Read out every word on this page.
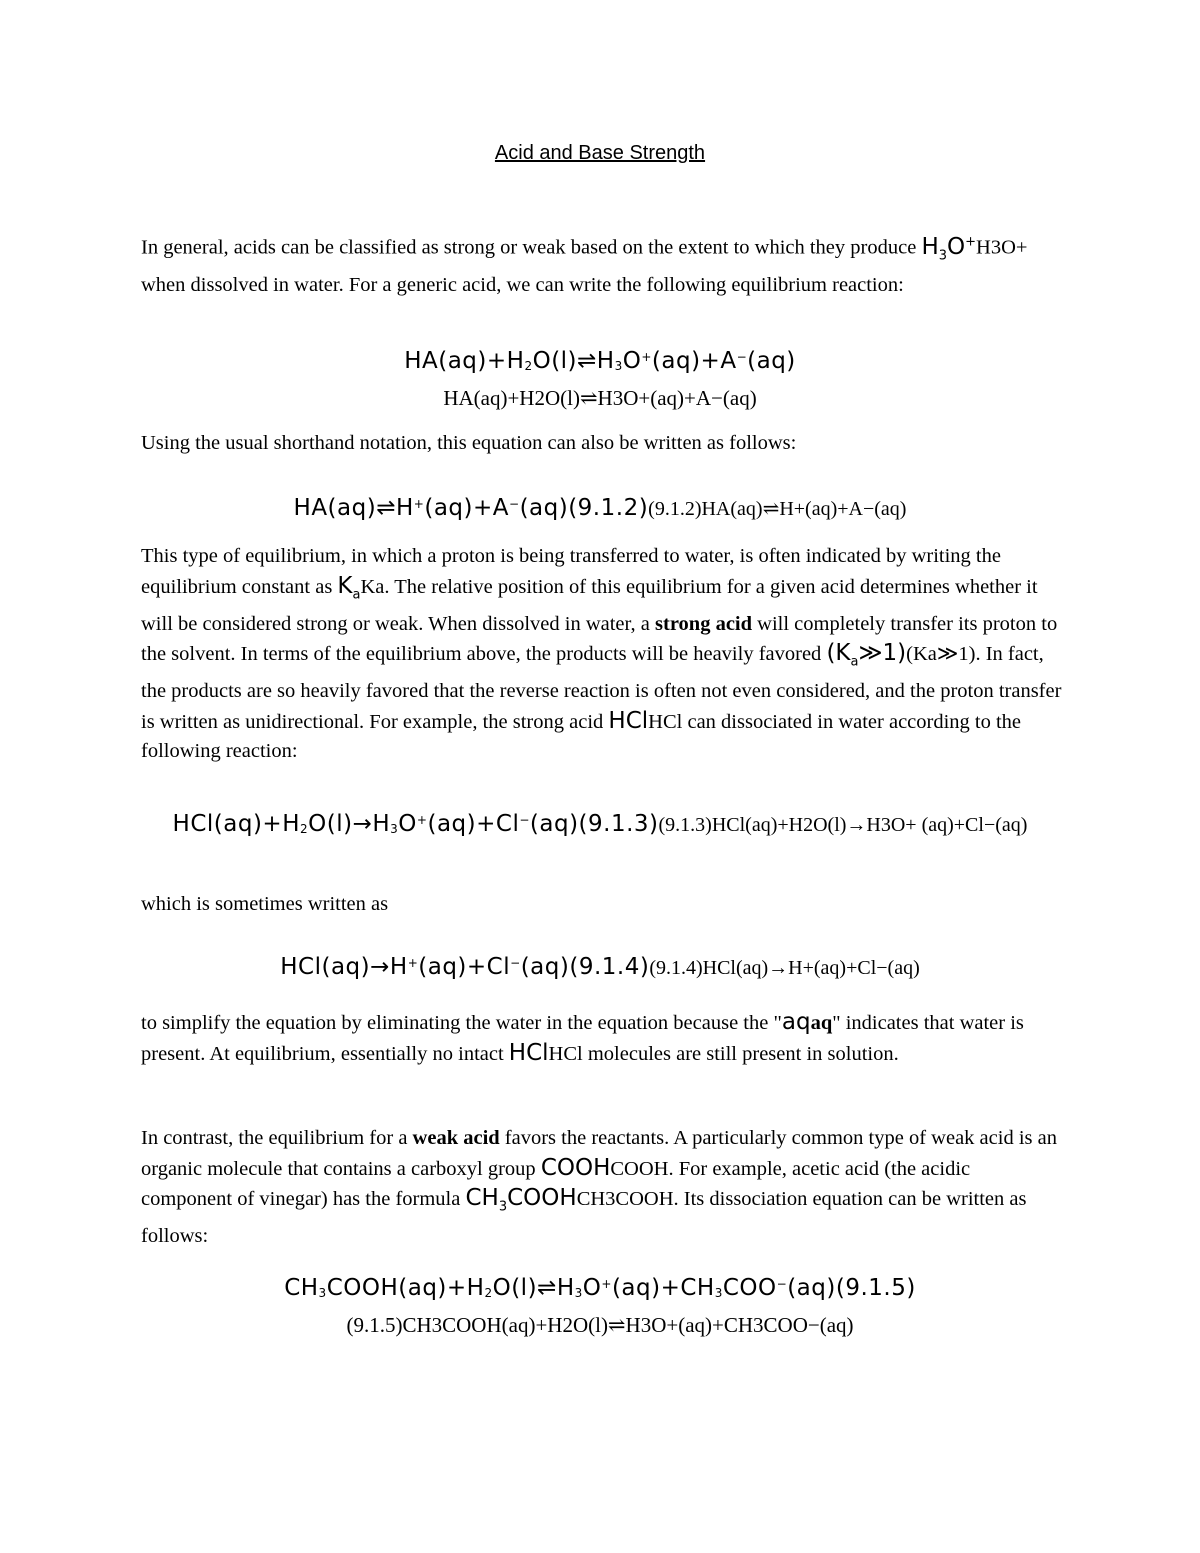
Acid and Base Strength

In general, acids can be classified as strong or weak based on the extent to which they produce $H_3O^+H3O+$ when dissolved in water. For a generic acid, we can write the following equilibrium reaction:

$HA(aq)+H_2O(l)\rightleftharpoons H_3O^+(aq)+A^-(aq)$
HA(aq)+H2O(l)⇌H3O+(aq)+A−(aq)

Using the usual shorthand notation, this equation can also be written as follows:

HA(aq)⇌H+(aq)+A−(aq)(9.1.2)(9.1.2)HA(aq)⇌H+(aq)+A−(aq)

This type of equilibrium, in which a proton is being transferred to water, is often indicated by writing the equilibrium constant as $K_aKa$. The relative position of this equilibrium for a given acid determines whether it will be considered strong or weak. When dissolved in water, a strong acid will completely transfer its proton to the solvent. In terms of the equilibrium above, the products will be heavily favored $(K_a≫1)(Ka≫1)$. In fact, the products are so heavily favored that the reverse reaction is often not even considered, and the proton transfer is written as unidirectional. For example, the strong acid HClHCl can dissociated in water according to the following reaction:

$HCl(aq)+H_2O(l)\to H_3O^+(aq)+Cl^-(aq)(9.1.3)(9.1.3)HCl(aq)+H2O(l)\to H3O+ (aq)+Cl-(aq)$

which is sometimes written as

HCl(aq)→H+(aq)+Cl−(aq)(9.1.4)(9.1.4)HCl(aq)→H+(aq)+Cl−(aq)

to simplify the equation by eliminating the water in the equation because the "aqaq" indicates that water is present. At equilibrium, essentially no intact HClHCl molecules are still present in solution.

In contrast, the equilibrium for a weak acid favors the reactants. A particularly common type of weak acid is an organic molecule that contains a carboxyl group COOHCOOH. For example, acetic acid (the acidic component of vinegar) has the formula $CH_3COOHCH3COOH$. Its dissociation equation can be written as follows:

$CH_3COOH(aq)+H_2O(l)\rightleftharpoons H_3O^+(aq)+CH_3COO^-(aq)(9.1.5)$
(9.1.5)CH3COOH(aq)+H2O(l)⇌H3O+(aq)+CH3COO−(aq)
